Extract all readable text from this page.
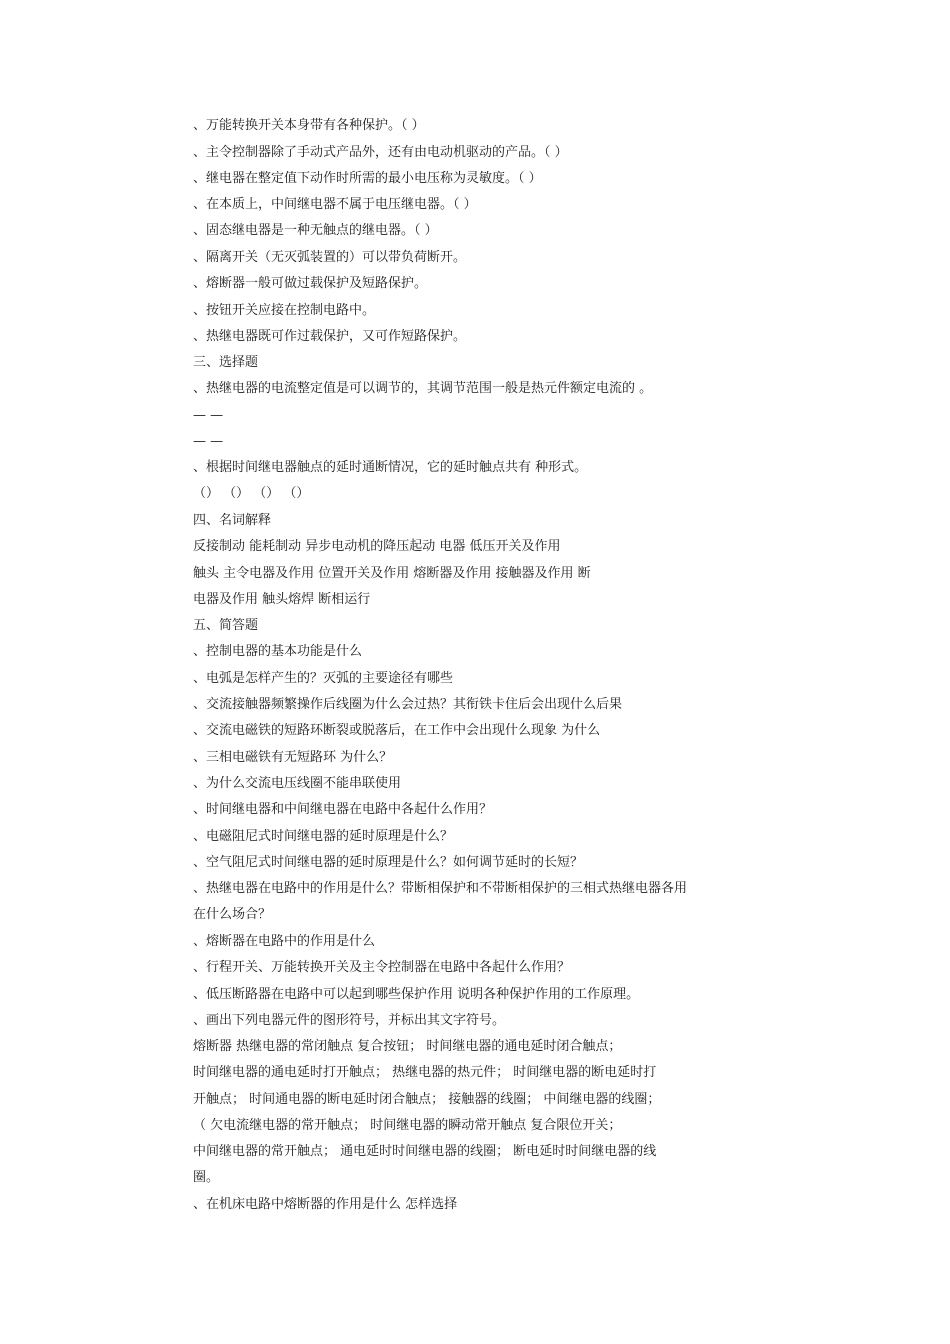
、万能转换开关本身带有各种保护。（ ）
、主令控制器除了手动式产品外，还有由电动机驱动的产品。（ ）
、继电器在整定值下动作时所需的最小电压称为灵敏度。（ ）
、在本质上，中间继电器不属于电压继电器。（ ）
、固态继电器是一种无触点的继电器。（ ）
、隔离开关（无灭弧装置的）可以带负荷断开。
、熔断器一般可做过载保护及短路保护。
、按钮开关应接在控制电路中。
、热继电器既可作过载保护，又可作短路保护。
三、选择题
、热继电器的电流整定值是可以调节的，其调节范围一般是热元件额定电流的 。
— —
— —
、根据时间继电器触点的延时通断情况，它的延时触点共有 种形式。
（） （） （） （）
四、名词解释
反接制动 能耗制动 异步电动机的降压起动 电器 低压开关及作用
触头 主令电器及作用 位置开关及作用 熔断器及作用 接触器及作用 断
电器及作用 触头熔焊 断相运行
五、简答题
、控制电器的基本功能是什么
、电弧是怎样产生的？灭弧的主要途径有哪些
、交流接触器频繁操作后线圈为什么会过热？其衔铁卡住后会出现什么后果
、交流电磁铁的短路环断裂或脱落后，在工作中会出现什么现象 为什么
、三相电磁铁有无短路环 为什么？
、为什么交流电压线圈不能串联使用
、时间继电器和中间继电器在电路中各起什么作用？
、电磁阻尼式时间继电器的延时原理是什么？
、空气阻尼式时间继电器的延时原理是什么？如何调节延时的长短？
、热继电器在电路中的作用是什么？带断相保护和不带断相保护的三相式热继电器各用
在什么场合？
、熔断器在电路中的作用是什么
、行程开关、万能转换开关及主令控制器在电路中各起什么作用？
、低压断路器在电路中可以起到哪些保护作用 说明各种保护作用的工作原理。
、画出下列电器元件的图形符号，并标出其文字符号。
熔断器 热继电器的常闭触点 复合按钮； 时间继电器的通电延时闭合触点；
时间继电器的通电延时打开触点； 热继电器的热元件； 时间继电器的断电延时打
开触点； 时间通电器的断电延时闭合触点； 接触器的线圈； 中间继电器的线圈；
（ 欠电流继电器的常开触点； 时间继电器的瞬动常开触点 复合限位开关；
中间继电器的常开触点； 通电延时时间继电器的线圈； 断电延时时间继电器的线
圈。
、在机床电路中熔断器的作用是什么 怎样选择
